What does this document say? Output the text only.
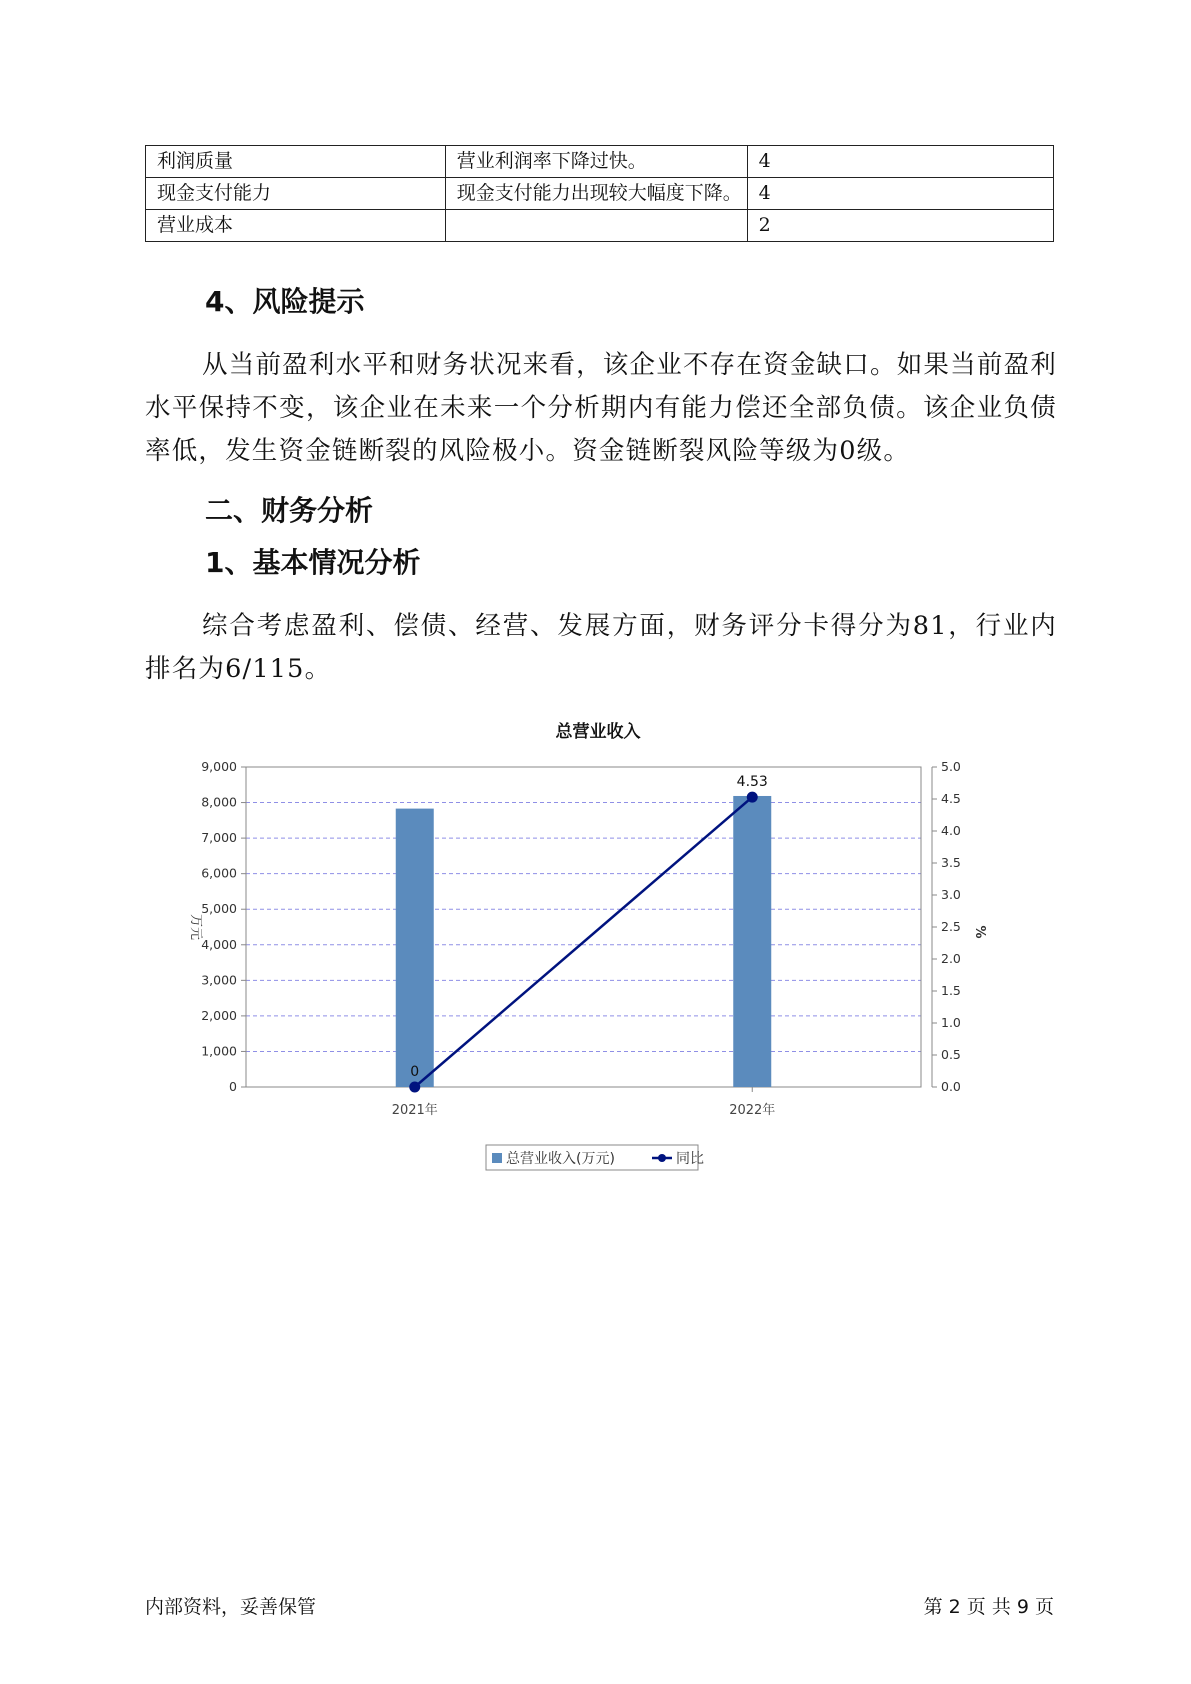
利润质量	营业利润率下降过快。	4
现金支付能力	现金支付能力出现较大幅度下降。	4
营业成本		2
4、风险提示

从当前盈利水平和财务状况来看，该企业不存在资金缺口。如果当前盈利水平保持不变，该企业在未来一个分析期内有能力偿还全部负债。该企业负债率低，发生资金链断裂的风险极小。资金链断裂风险等级为0级。

二、财务分析
1、基本情况分析

综合考虑盈利、偿债、经营、发展方面，财务评分卡得分为81，行业内排名为6/115。

总营业收入
0
1,000
2,000
3,000
4,000
5,000
6,000
7,000
8,000
9,000
0.0
0.5
1.0
1.5
2.0
2.5
3.0
3.5
4.0
4.5
5.0
万元	%
2021年	2022年
0
4.53
总营业收入(万元)	同比
内部资料，妥善保管	第 2 页 共 9 页
